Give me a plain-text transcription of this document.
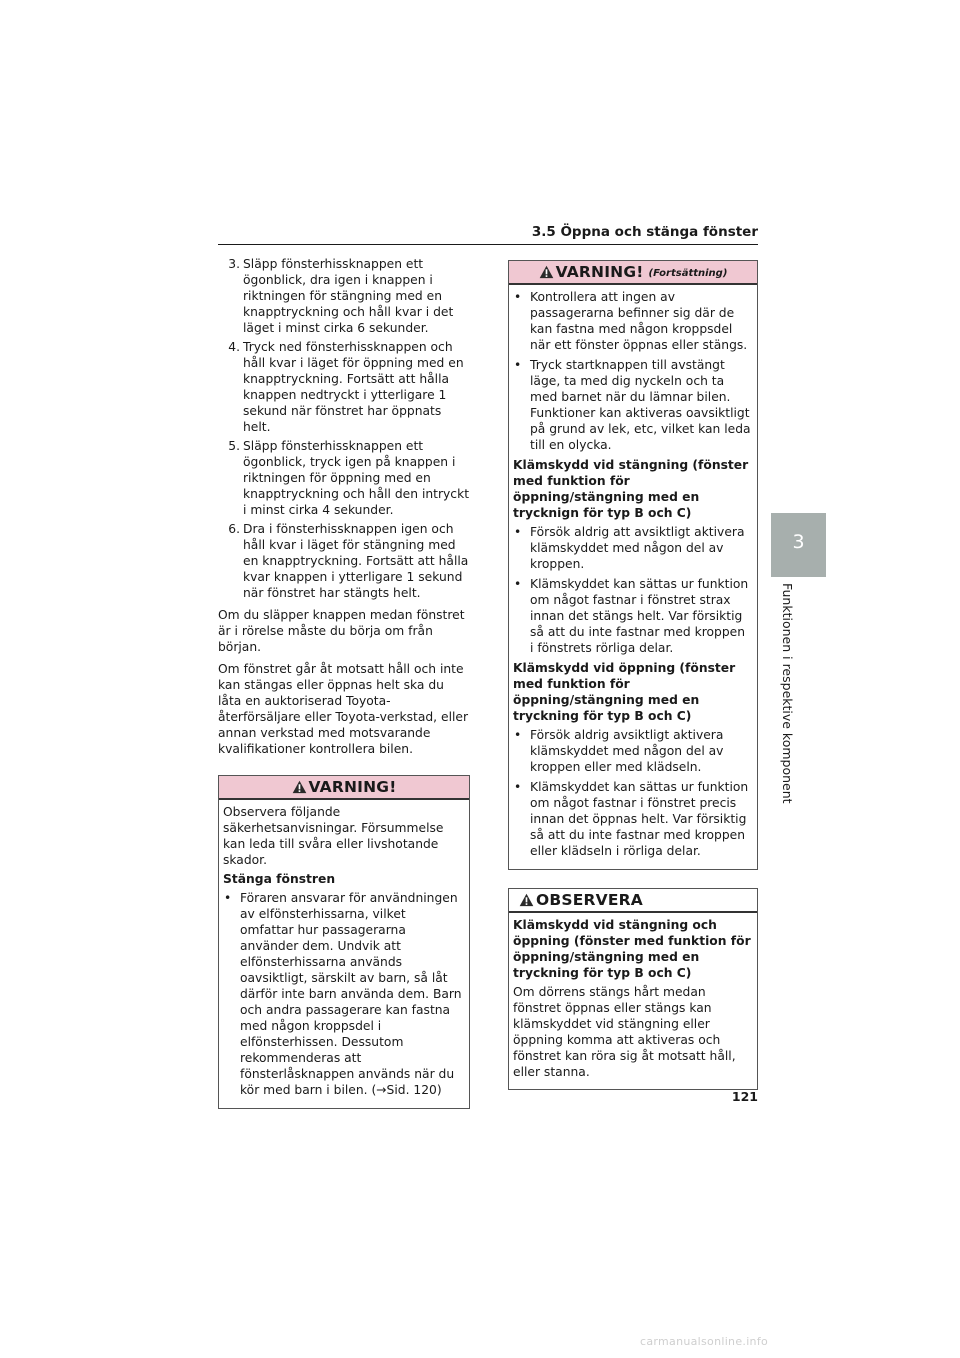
3.5 Öppna och stänga fönster
3. Släpp fönsterhissknappen ett ögonblick, dra igen i knappen i riktningen för stängning med en knapptryckning och håll kvar i det läget i minst cirka 6 sekunder.
4. Tryck ned fönsterhissknappen och håll kvar i läget för öppning med en knapptryckning. Fortsätt att hålla knappen nedtryckt i ytterligare 1 sekund när fönstret har öppnats helt.
5. Släpp fönsterhissknappen ett ögonblick, tryck igen på knappen i riktningen för öppning med en knapptryckning och håll den intryckt i minst cirka 4 sekunder.
6. Dra i fönsterhissknappen igen och håll kvar i läget för stängning med en knapptryckning. Fortsätt att hålla kvar knappen i ytterligare 1 sekund när fönstret har stängts helt.

Om du släpper knappen medan fönstret är i rörelse måste du börja om från början.

Om fönstret går åt motsatt håll och inte kan stängas eller öppnas helt ska du låta en auktoriserad Toyota-återförsäljare eller Toyota-verkstad, eller annan verkstad med motsvarande kvalifikationer kontrollera bilen.

VARNING!

Observera följande säkerhetsanvisningar. Försummelse kan leda till svåra eller livshotande skador.

Stänga fönstren

• Föraren ansvarar för användningen av elfönsterhissarna, vilket omfattar hur passagerarna använder dem. Undvik att elfönsterhissarna används oavsiktligt, särskilt av barn, så låt därför inte barn använda dem. Barn och andra passagerare kan fastna med någon kroppsdel i elfönsterhissen. Dessutom rekommenderas att fönsterlåsknappen används när du kör med barn i bilen. (→Sid. 120)
VARNING! (Fortsättning)
• Kontrollera att ingen av passagerarna befinner sig där de kan fastna med någon kroppsdel när ett fönster öppnas eller stängs.
• Tryck startknappen till avstängt läge, ta med dig nyckeln och ta med barnet när du lämnar bilen. Funktioner kan aktiveras oavsiktligt på grund av lek, etc, vilket kan leda till en olycka.

Klämskydd vid stängning (fönster med funktion för öppning/stängning med en trycknign för typ B och C)

• Försök aldrig att avsiktligt aktivera klämskyddet med någon del av kroppen.
• Klämskyddet kan sättas ur funktion om något fastnar i fönstret strax innan det stängs helt. Var försiktig så att du inte fastnar med kroppen i fönstrets rörliga delar.

Klämskydd vid öppning (fönster med funktion för öppning/stängning med en tryckning för typ B och C)

• Försök aldrig avsiktligt aktivera klämskyddet med någon del av kroppen eller med klädseln.
• Klämskyddet kan sättas ur funktion om något fastnar i fönstret precis innan det öppnas helt. Var försiktig så att du inte fastnar med kroppen eller klädseln i rörliga delar.
OBSERVERA

Klämskydd vid stängning och öppning (fönster med funktion för öppning/stängning med en tryckning för typ B och C)

Om dörrens stängs hårt medan fönstret öppnas eller stängs kan klämskyddet vid stängning eller öppning komma att aktiveras och fönstret kan röra sig åt motsatt håll, eller stanna.

3
Funktionen i respektive komponent
121
carmanualsonline.info
